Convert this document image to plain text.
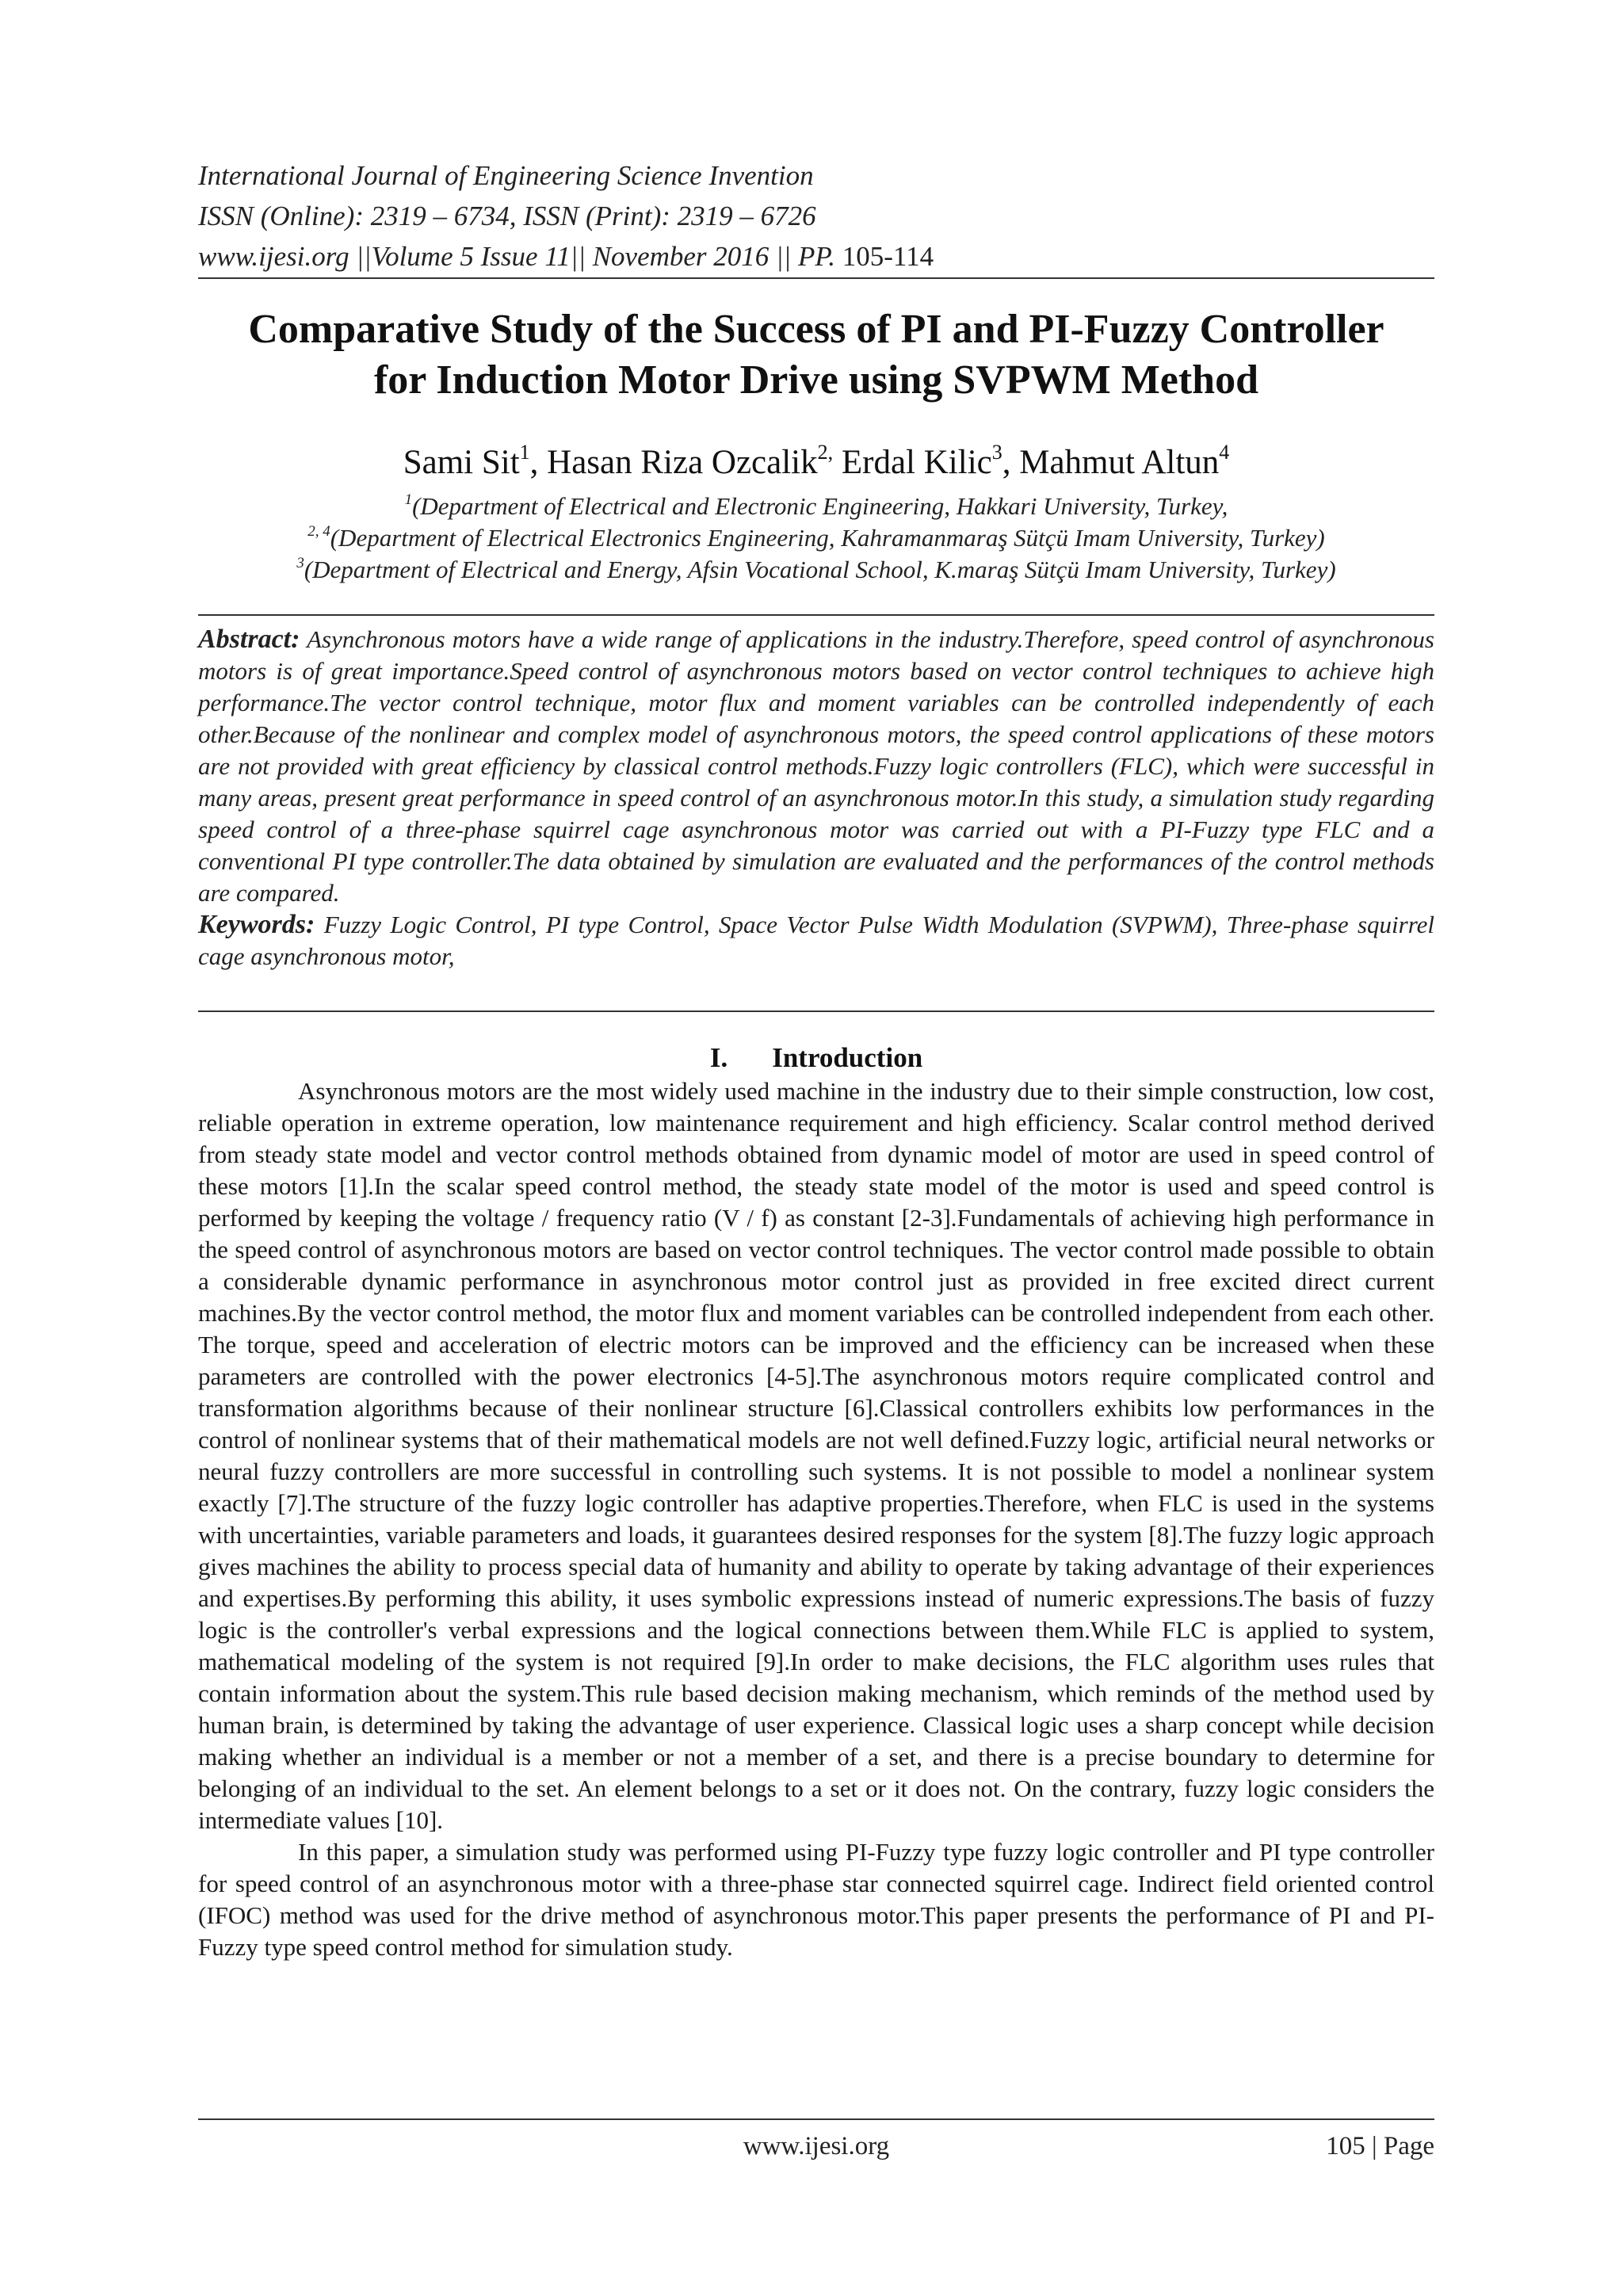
International Journal of Engineering Science Invention
ISSN (Online): 2319 – 6734, ISSN (Print): 2319 – 6726
www.ijesi.org ||Volume 5 Issue 11|| November 2016 || PP. 105-114
Comparative Study of the Success of PI and PI-Fuzzy Controller
for Induction Motor Drive using SVPWM Method
Sami Sit$^1$, Hasan Riza Ozcalik$^{2,}$ Erdal Kilic$^3$, Mahmut Altun$^4$
$^1$(Department of Electrical and Electronic Engineering, Hakkari University, Turkey,
$^{2, 4}$(Department of Electrical Electronics Engineering, Kahramanmaraş Sütçü Imam University, Turkey)
$^3$(Department of Electrical and Energy, Afsin Vocational School, K.maraş Sütçü Imam University, Turkey)
Abstract: Asynchronous motors have a wide range of applications in the industry.Therefore, speed control of asynchronous motors is of great importance.Speed control of asynchronous motors based on vector control techniques to achieve high performance.The vector control technique, motor flux and moment variables can be controlled independently of each other.Because of the nonlinear and complex model of asynchronous motors, the speed control applications of these motors are not provided with great efficiency by classical control methods.Fuzzy logic controllers (FLC), which were successful in many areas, present great performance in speed control of an asynchronous motor.In this study, a simulation study regarding speed control of a three-phase squirrel cage asynchronous motor was carried out with a PI-Fuzzy type FLC and a conventional PI type controller.The data obtained by simulation are evaluated and the performances of the control methods are compared.
Keywords: Fuzzy Logic Control, PI type Control, Space Vector Pulse Width Modulation (SVPWM), Three-phase squirrel cage asynchronous motor,
I. Introduction

Asynchronous motors are the most widely used machine in the industry due to their simple construction, low cost, reliable operation in extreme operation, low maintenance requirement and high efficiency. Scalar control method derived from steady state model and vector control methods obtained from dynamic model of motor are used in speed control of these motors [1].In the scalar speed control method, the steady state model of the motor is used and speed control is performed by keeping the voltage / frequency ratio (V / f) as constant [2-3].Fundamentals of achieving high performance in the speed control of asynchronous motors are based on vector control techniques. The vector control made possible to obtain a considerable dynamic performance in asynchronous motor control just as provided in free excited direct current machines.By the vector control method, the motor flux and moment variables can be controlled independent from each other. The torque, speed and acceleration of electric motors can be improved and the efficiency can be increased when these parameters are controlled with the power electronics [4-5].The asynchronous motors require complicated control and transformation algorithms because of their nonlinear structure [6].Classical controllers exhibits low performances in the control of nonlinear systems that of their mathematical models are not well defined.Fuzzy logic, artificial neural networks or neural fuzzy controllers are more successful in controlling such systems. It is not possible to model a nonlinear system exactly [7].The structure of the fuzzy logic controller has adaptive properties.Therefore, when FLC is used in the systems with uncertainties, variable parameters and loads, it guarantees desired responses for the system [8].The fuzzy logic approach gives machines the ability to process special data of humanity and ability to operate by taking advantage of their experiences and expertises.By performing this ability, it uses symbolic expressions instead of numeric expressions.The basis of fuzzy logic is the controller's verbal expressions and the logical connections between them.While FLC is applied to system, mathematical modeling of the system is not required [9].In order to make decisions, the FLC algorithm uses rules that contain information about the system.This rule based decision making mechanism, which reminds of the method used by human brain, is determined by taking the advantage of user experience. Classical logic uses a sharp concept while decision making whether an individual is a member or not a member of a set, and there is a precise boundary to determine for belonging of an individual to the set. An element belongs to a set or it does not. On the contrary, fuzzy logic considers the intermediate values [10].

In this paper, a simulation study was performed using PI-Fuzzy type fuzzy logic controller and PI type controller for speed control of an asynchronous motor with a three-phase star connected squirrel cage. Indirect field oriented control (IFOC) method was used for the drive method of asynchronous motor.This paper presents the performance of PI and PI-Fuzzy type speed control method for simulation study.

www.ijesi.org	105 | Page
